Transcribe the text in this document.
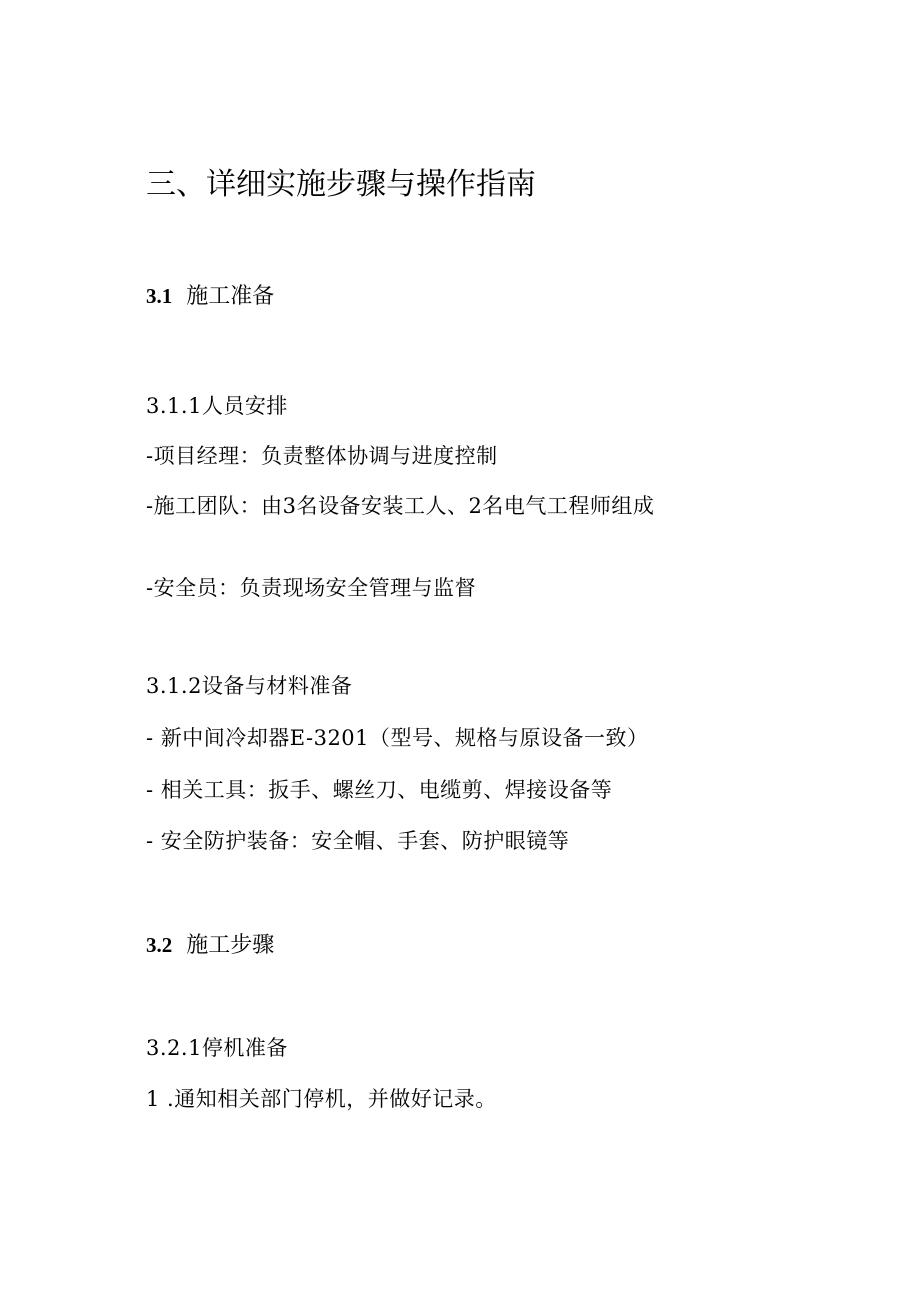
三、详细实施步骤与操作指南
3.1 施工准备
3.1.1人员安排
-项目经理：负责整体协调与进度控制
-施工团队：由3名设备安装工人、2名电气工程师组成
-安全员：负责现场安全管理与监督
3.1.2设备与材料准备
- 新中间冷却器E-3201（型号、规格与原设备一致）
- 相关工具：扳手、螺丝刀、电缆剪、焊接设备等
- 安全防护装备：安全帽、手套、防护眼镜等
3.2 施工步骤
3.2.1停机准备
1 .通知相关部门停机，并做好记录。
